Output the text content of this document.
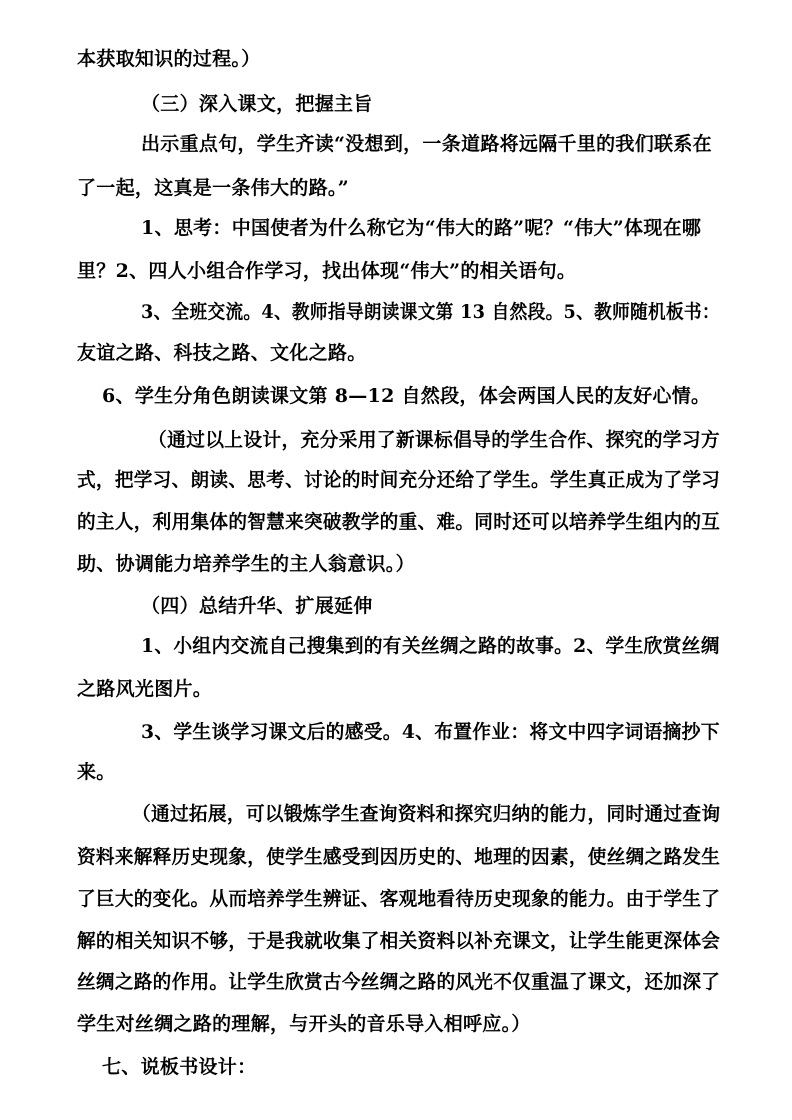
本获取知识的过程。）
（三）深入课文，把握主旨
出示重点句，学生齐读“没想到，一条道路将远隔千里的我们联系在
了一起，这真是一条伟大的路。”
1、思考：中国使者为什么称它为“伟大的路”呢？“伟大”体现在哪
里？2、四人小组合作学习，找出体现“伟大”的相关语句。
3、全班交流。4、教师指导朗读课文第 13 自然段。5、教师随机板书：
友谊之路、科技之路、文化之路。
6、学生分角色朗读课文第 8—12 自然段，体会两国人民的友好心情。
（通过以上设计，充分采用了新课标倡导的学生合作、探究的学习方
式，把学习、朗读、思考、讨论的时间充分还给了学生。学生真正成为了学习
的主人，利用集体的智慧来突破教学的重、难。同时还可以培养学生组内的互
助、协调能力培养学生的主人翁意识。）
（四）总结升华、扩展延伸
1、小组内交流自己搜集到的有关丝绸之路的故事。2、学生欣赏丝绸
之路风光图片。
3、学生谈学习课文后的感受。4、布置作业：将文中四字词语摘抄下
来。
（通过拓展，可以锻炼学生查询资料和探究归纳的能力，同时通过查询
资料来解释历史现象，使学生感受到因历史的、地理的因素，使丝绸之路发生
了巨大的变化。从而培养学生辨证、客观地看待历史现象的能力。由于学生了
解的相关知识不够，于是我就收集了相关资料以补充课文，让学生能更深体会
丝绸之路的作用。让学生欣赏古今丝绸之路的风光不仅重温了课文，还加深了
学生对丝绸之路的理解，与开头的音乐导入相呼应。）
七、说板书设计：
